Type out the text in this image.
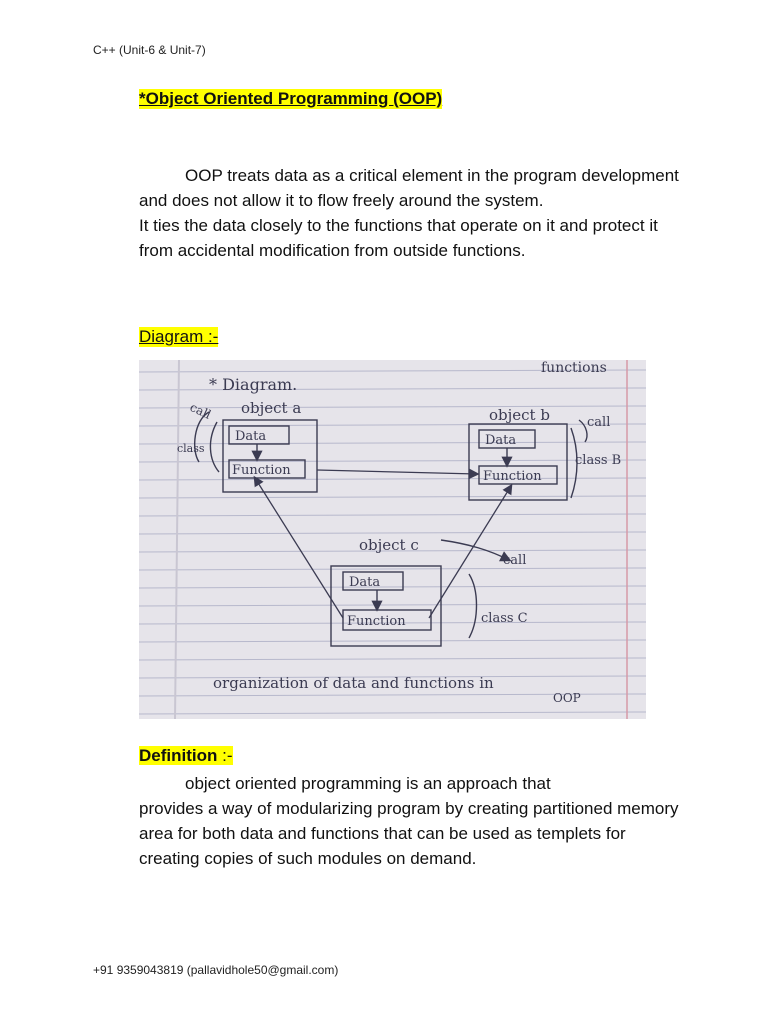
C++ (Unit-6 & Unit-7)
*Object Oriented Programming (OOP)

OOP treats data as a critical element in the program development and does not allow it to flow freely around the system.

It ties the data closely to the functions that operate on it and protect it from accidental modification from outside functions.

Diagram :-
* Diagram.
functions
object a
call
class
Data
Function
object b	call
class B
Data
Function
object c
call
class C
Data
Function
organization of data and functions in
OOP
Definition :-

object oriented programming is an approach that

provides a way of modularizing program by creating partitioned memory area for both data and functions that can be used as templets for creating copies of such modules on demand.

+91 9359043819 (pallavidhole50@gmail.com)
